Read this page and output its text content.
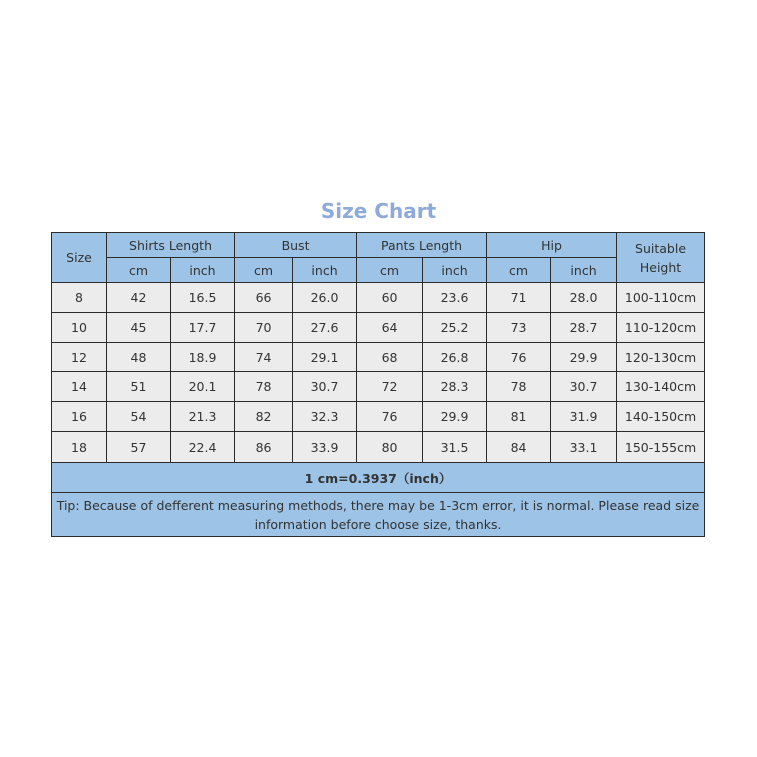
Size Chart
Size	Shirts Length		Bust		Pants Length		Hip		Suitable
Height
	cm	inch	cm	inch	cm	inch	cm	inch	
8	42	16.5	66	26.0	60	23.6	71	28.0	100-110cm
10	45	17.7	70	27.6	64	25.2	73	28.7	110-120cm
12	48	18.9	74	29.1	68	26.8	76	29.9	120-130cm
14	51	20.1	78	30.7	72	28.3	78	30.7	130-140cm
16	54	21.3	82	32.3	76	29.9	81	31.9	140-150cm
18	57	22.4	86	33.9	80	31.5	84	33.1	150-155cm
1 cm=0.3937（inch）									
Tip: Because of defferent measuring methods, there may be 1-3cm error, it is normal. Please read size information before choose size, thanks.									
